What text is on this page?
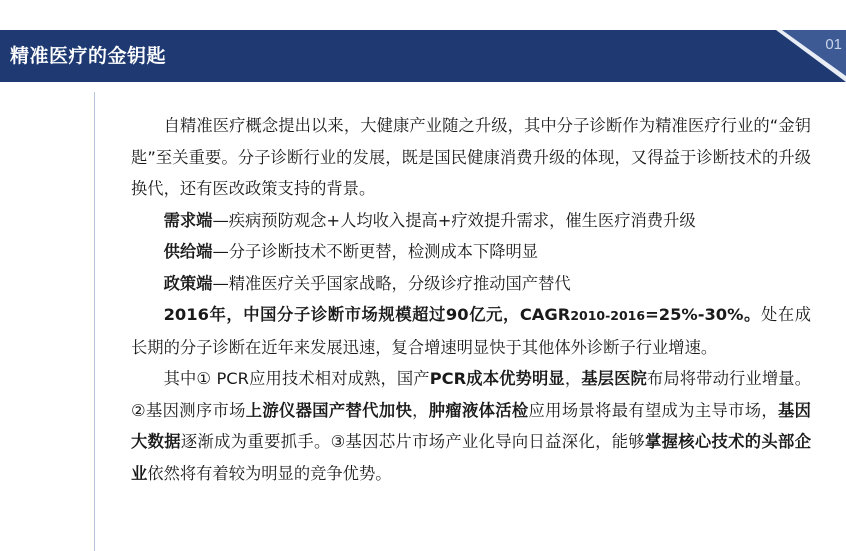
精准医疗的金钥匙
01

自精准医疗概念提出以来，大健康产业随之升级，其中分子诊断作为精准医疗行业的“金钥匙”至关重要。分子诊断行业的发展，既是国民健康消费升级的体现，又得益于诊断技术的升级换代，还有医改政策支持的背景。

需求端—疾病预防观念+人均收入提高+疗效提升需求，催生医疗消费升级

供给端—分子诊断技术不断更替，检测成本下降明显

政策端—精准医疗关乎国家战略，分级诊疗推动国产替代

2016年，中国分子诊断市场规模超过90亿元，CAGR2010-2016=25%-30%。处在成长期的分子诊断在近年来发展迅速，复合增速明显快于其他体外诊断子行业增速。

其中① PCR应用技术相对成熟，国产PCR成本优势明显，基层医院布局将带动行业增量。②基因测序市场上游仪器国产替代加快，肿瘤液体活检应用场景将最有望成为主导市场，基因大数据逐渐成为重要抓手。③基因芯片市场产业化导向日益深化，能够掌握核心技术的头部企业依然将有着较为明显的竞争优势。
